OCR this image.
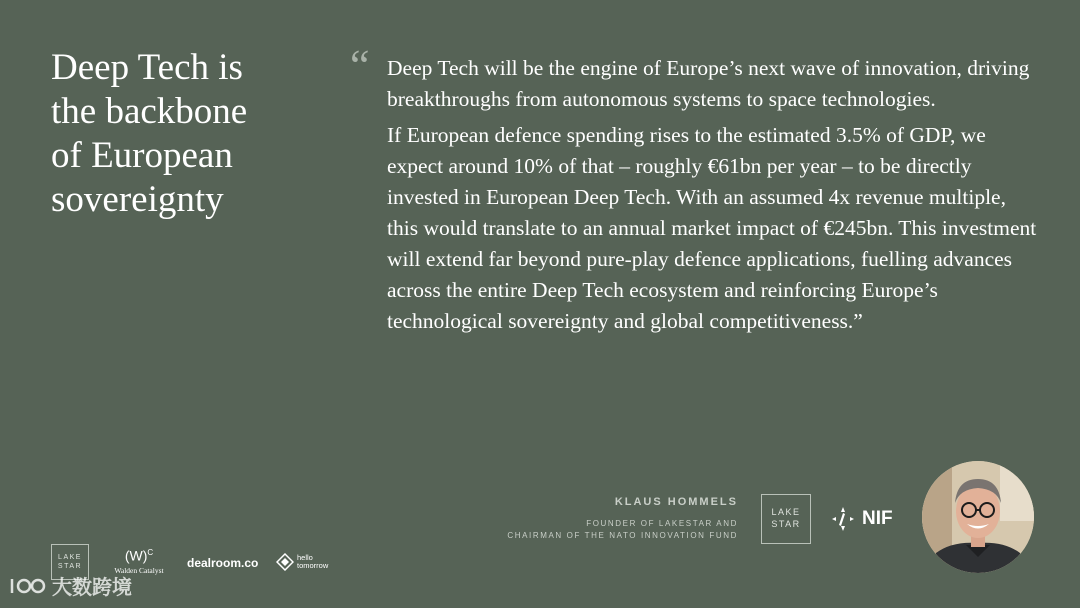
Deep Tech is
the backbone
of European
sovereignty
“ Deep Tech will be the engine of Europe’s next wave of innovation, driving breakthroughs from autonomous systems to space technologies.

If European defence spending rises to the estimated 3.5% of GDP, we expect around 10% of that – roughly €61bn per year – to be directly invested in European Deep Tech. With an assumed 4x revenue multiple, this would translate to an annual market impact of €245bn. This investment will extend far beyond pure-play defence applications, fuelling advances across the entire Deep Tech ecosystem and reinforcing Europe’s technological sovereignty and global competitiveness.”

KLAUS HOMMELS
FOUNDER OF LAKESTAR AND
CHAIRMAN OF THE NATO INNOVATION FUND
LAKE
STAR	NIF
LAKE
STAR
$(W)^C$
Walden Catalyst
dealroom.co	hello
tomorrow
大数跨境
